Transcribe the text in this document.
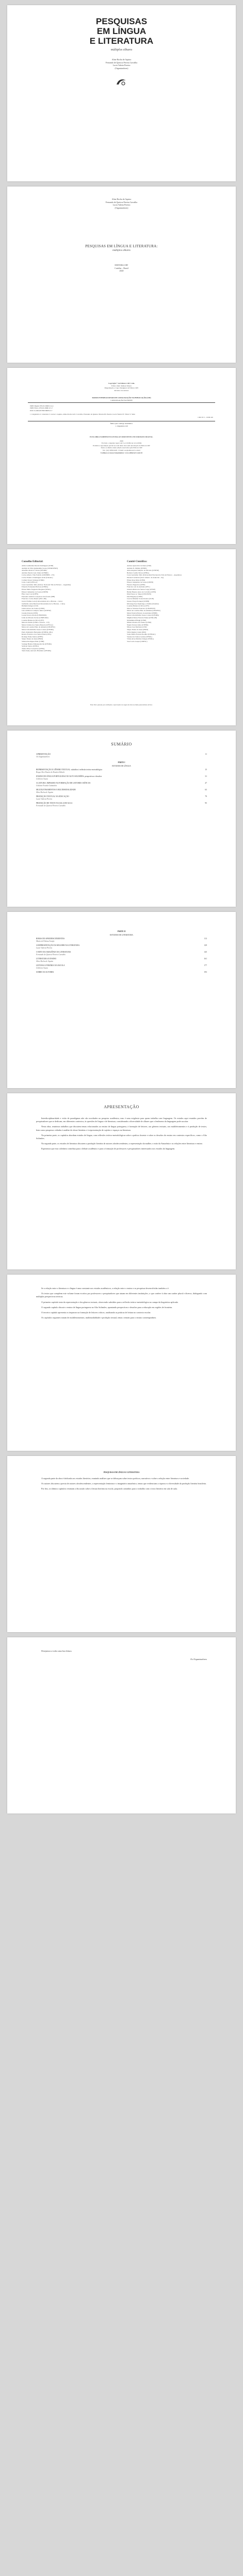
PESQUISAS
EM LÍNGUA
E LITERATURA
múltiplos olhares
Aline Rocha de Aquino
Fernando de Queiroz Pereira Carvalho
Lucia Valeria Pereira
(Organizadores)
Aline Rocha de Aquino
Fernando de Queiroz Pereira Carvalho
Lucia Valeria Pereira
(Organizadores)
PESQUISAS EM LÍNGUA E LITERATURA:
múltiplos olhares
EDITORA CRV
Curitiba – Brasil
2020
Copyright © da Editora CRV Ltda.
Editor-chefe: Railson Moura
Diagramação e Capa: Designers da Editora CRV
Revisão: Os Autores
DADOS INTERNACIONAIS DE CATALOGAÇÃO NA PUBLICAÇÃO (CIP)
CATALOGAÇÃO NA FONTE
ISBN Digital 978-65-5868-514-4
ISBN Físico 978-65-5868-513-7
DOI 10.24824/978655868513.7
1. Linguística 2. Literatura 3. Letras I. Aquino, Aline Rocha de II. Carvalho, Fernando de Queiroz Pereira III. Pereira, Lucia Valeria IV. Título V. Série
CDU 81'1 - CDD 410
Índice para catálogo sistemático
1. Linguística 410
ESTA OBRA TAMBÉM ENCONTRA-SE DISPONÍVEL EM FORMATO DIGITAL.
2020
Foi feito o depósito legal conf. Lei 10.994 de 14/12/2004
Proibida a reprodução parcial ou total desta obra sem autorização da Editora CRV
Todos os direitos desta edição reservados pela Editora CRV
Tel.: (41) 3039-6418 - E-mail: sac@editoracrv.com.br
Conheça os nossos lançamentos: www.editoracrv.com.br
Conselho Editorial:
Aldira Guimarães Duarte Domínguez (UNB)
Andréia da Silva Quintanilha Sousa (UNIR/UFRN)
Anselmo Alencar Colares (UFOPA)
Antônio Pereira Gaio Júnior (UFRRJ)
Carlos Alberto Vilar Estêvão (UMINHO – PT)
Carlos Federico Dominguez Avila (Unieuro)
Carmen Tereza Velanga (UNIR)
Celso Conti (UFSCar)
Cesar Gerónimo Tello (Univer. Nacional Três de Febrero – Argentina)
Eduardo Fernandes Barbosa (UFMG)
Elione Maria Nogueira Diogenes (UFAL)
Elizeu Clementino de Souza (UNEB)
Élsio José Corá (UFFS)
Fernando Antônio Gonçalves Alcoforado (IPB)
Francisco Carlos Duarte (PUC-PR)
Gloria Fariñas León (Universidade de La Havana – Cuba)
Guillermo Arias Beatón (Universidade de La Havana – Cuba)
Helmuth Krüger (UCP)
Jailson Alves dos Santos (UFRJ)
João Adalberto Campato Junior (UNESP)
Josania Portela (UFPI)
Leonel Severo Rocha (UNISINOS)
Lídia de Oliveira Xavier (UNIEURO)
Lourdes Helena da Silva (UFV)
Marcelo Paixão (UFRJ e UTexas – US)
Maria Cristina dos Santos Bezerra (UFSCar)
Maria de Lourdes Pinto de Almeida (UNOESC)
Maria Lília Imbiriba Sousa Colares (UFOPA)
Paulo Romualdo Hernandes (UNIFAL-MG)
Renato Francisco dos Santos Paula (UFG)
Rodrigo Pratte-Santos (UFES)
Sérgio Nunes de Jesus (IFRO)
Simone Rodrigues Pinto (UNB)
Solange Helena Ximenes-Rocha (UFOPA)
Sydione Santos (UEPG)
Tadeu Oliver Gonçalves (UFPA)
Tania Suely Azevedo Brasileiro (UFOPA)
Comitê Científico:
Andrea Aparecida Cavinato (USP)
Andréia N. Militão (UEMS)
Anna Augusta Sampaio de Oliveira (UNESP)
Barbara Coelho Neves (UFBA)
Cesar Gerónimo Tello (Universidad Nacional de Três de Febrero – Argentina)
Diosnel Centurion (Univ Americ. de Asunción – Py)
Eliane Rose Maio (UEM)
Elizeu Clementino de Souza (UNEB)
Fauston Negreiros (UFPI)
Francisco Ari de Andrade (UFC)
Gláucia Maria dos Santos Jorge (UFOP)
Helder Buenos Aires de Carvalho (UFPI)
Ilma Passos A. Veiga (UNICEUB)
Inês Bragança (UERJ)
José de Ribamar Sousa Pereira (UCB)
Jussara Fraga Portugal (UNEB)
Kilwangy Kya Kapitango-a-Samba (Unemat)
Lourdes Helena da Silva (UFV)
Marcos Vinicius Francisco (UNOESTE)
Maria de Lourdes Pinto de Almeida (UNOESC)
Maria Eurácia Barreto de Andrade (UFRB)
Maria Lília Imbiriba Sousa Colares (UFOPA)
Míghian Danae Ferreira Nunes (UNILAB)
Mohammed Elhajji (UFRJ)
Mônica Pereira dos Santos (UFRJ)
Najela Tavares Ujiie (UTFPR)
Nilson José Machado (USP)
Sérgio Nunes de Jesus (IFRO)
Silvia Regina Canan (URI)
Sonia Maria Ferreira Koehler (UNISAL)
Suzana dos Santos Gomes (UFMG)
Vânia Alves Martins Chaigar (FURG)
Vera Lucia Gaspar (UDESC)
Este livro passou por avaliação e aprovação às cegas de dois ou mais pareceristas ad hoc.
SUMÁRIO
APRESENTAÇÃO	11
Os Organizadores
PARTE I
ESTUDOS DE LÍNGUA
REPRESENTAÇÃO E GÊNERO TEXTUAL: subsídios à reflexão teórico-metodológica	15
Roque Alex Duarte do Rosário Rabelo
ENSINO DE LÍNGUA PORTUGUESA NO ALTO SOLIMÕES: perspectivas e desafios	31
Gilcilene Souza
A LEITURA: IMPASSES NA FORMAÇÃO DE LEITORES CRÍTICOS	47
Gislaine Frazão Guimarães
MULTILETRAMENTOS E MULTIMODALIDADE	63
Aline Rocha de Aquino
PRODUÇÃO TEXTUAL NA EDUCAÇÃO	79
Lucia Valeria Pereira
PRODUÇÃO DE TEXTO NA SALA DE AULA	95
Fernando de Queiroz Pereira Carvalho
PARTE II
ESTUDOS DE LITERATURA
RIMAS DE AFRODESCENDENTES	113
Maria de Fátima Araújo
A REPRESENTAÇÃO DA MULHER NA LITERATURA	129
Lucia Valeria Pereira
O MITO DA AMAZÔNIA NA LITERATURA	145
Fernando de Queiroz Pereira Carvalho
LITERATURA E ENSINO	161
Aline Rocha de Aquino
LEITURA LITERÁRIA NA ESCOLA	177
Gilcilene Souza
SOBRE OS AUTORES	193
APRESENTAÇÃO

Interdisciplinaridade e visão de paradigmas não são novidades na pesquisa acadêmica, mas é uma exigência para quem trabalha com linguagem. Os estudos aqui reunidos provêm de pesquisadores que se dedicam, em diferentes contextos, às questões de língua e de literatura, considerando a diversidade de olhares que o fenômeno da linguagem pode suscitar.

Nesta obra, reunimos trabalhos que discutem temas relacionados ao ensino de língua portuguesa, à formação de leitores, aos gêneros textuais, aos multiletramentos e à produção de textos, bem como pesquisas voltadas à análise de obras literárias e à representação de sujeitos e espaços na literatura.

Na primeira parte, os capítulos abordam estudos de língua, com reflexões teórico-metodológicas sobre a prática docente e sobre os desafios do ensino em contextos específicos, como o Alto Solimões.

Na segunda parte, os estudos de literatura discutem a produção literária de autores afrodescendentes, a representação da mulher, o mito da Amazônia e as relações entre literatura e ensino.

Esperamos que esta coletânea contribua para o debate acadêmico e para a formação de professores e pesquisadores interessados nos estudos da linguagem.

Se a relação entre a literatura e a língua é uma constante nos estudos acadêmicos, a relação entre o ensino e as pesquisas desenvolvidas também o é.

Os textos que compõem este volume foram escritos por professores e pesquisadores que atuam em diferentes instituições, o que confere à obra um caráter plural e diverso, dialogando com múltiplas perspectivas teóricas.

O primeiro capítulo trata da representação e dos gêneros textuais, oferecendo subsídios para a reflexão teórico-metodológica no campo da linguística aplicada.

O segundo capítulo discute o ensino de língua portuguesa no Alto Solimões, apontando perspectivas e desafios para a educação em regiões de fronteira.

O terceiro capítulo apresenta os impasses na formação de leitores críticos, analisando as práticas de leitura no contexto escolar.

Os capítulos seguintes tratam de multiletramentos, multimodalidade e produção textual, temas centrais para o ensino contemporâneo.

PESQUISAS EM LÍNGUA E LITERATURA

A segunda parte da obra é dedicada aos estudos literários, reunindo análises que se debruçam sobre textos poéticos, narrativos e sobre a relação entre literatura e sociedade.

Os autores discutem a poesia de autores afrodescendentes, a representação feminina e o imaginário amazônico, temas que evidenciam a riqueza e a diversidade da produção literária brasileira.

Por fim, os últimos capítulos retomam a discussão sobre a leitura literária na escola, propondo caminhos para o trabalho com o texto literário em sala de aula.

Desejamos a todos uma boa leitura.
Os Organizadores
